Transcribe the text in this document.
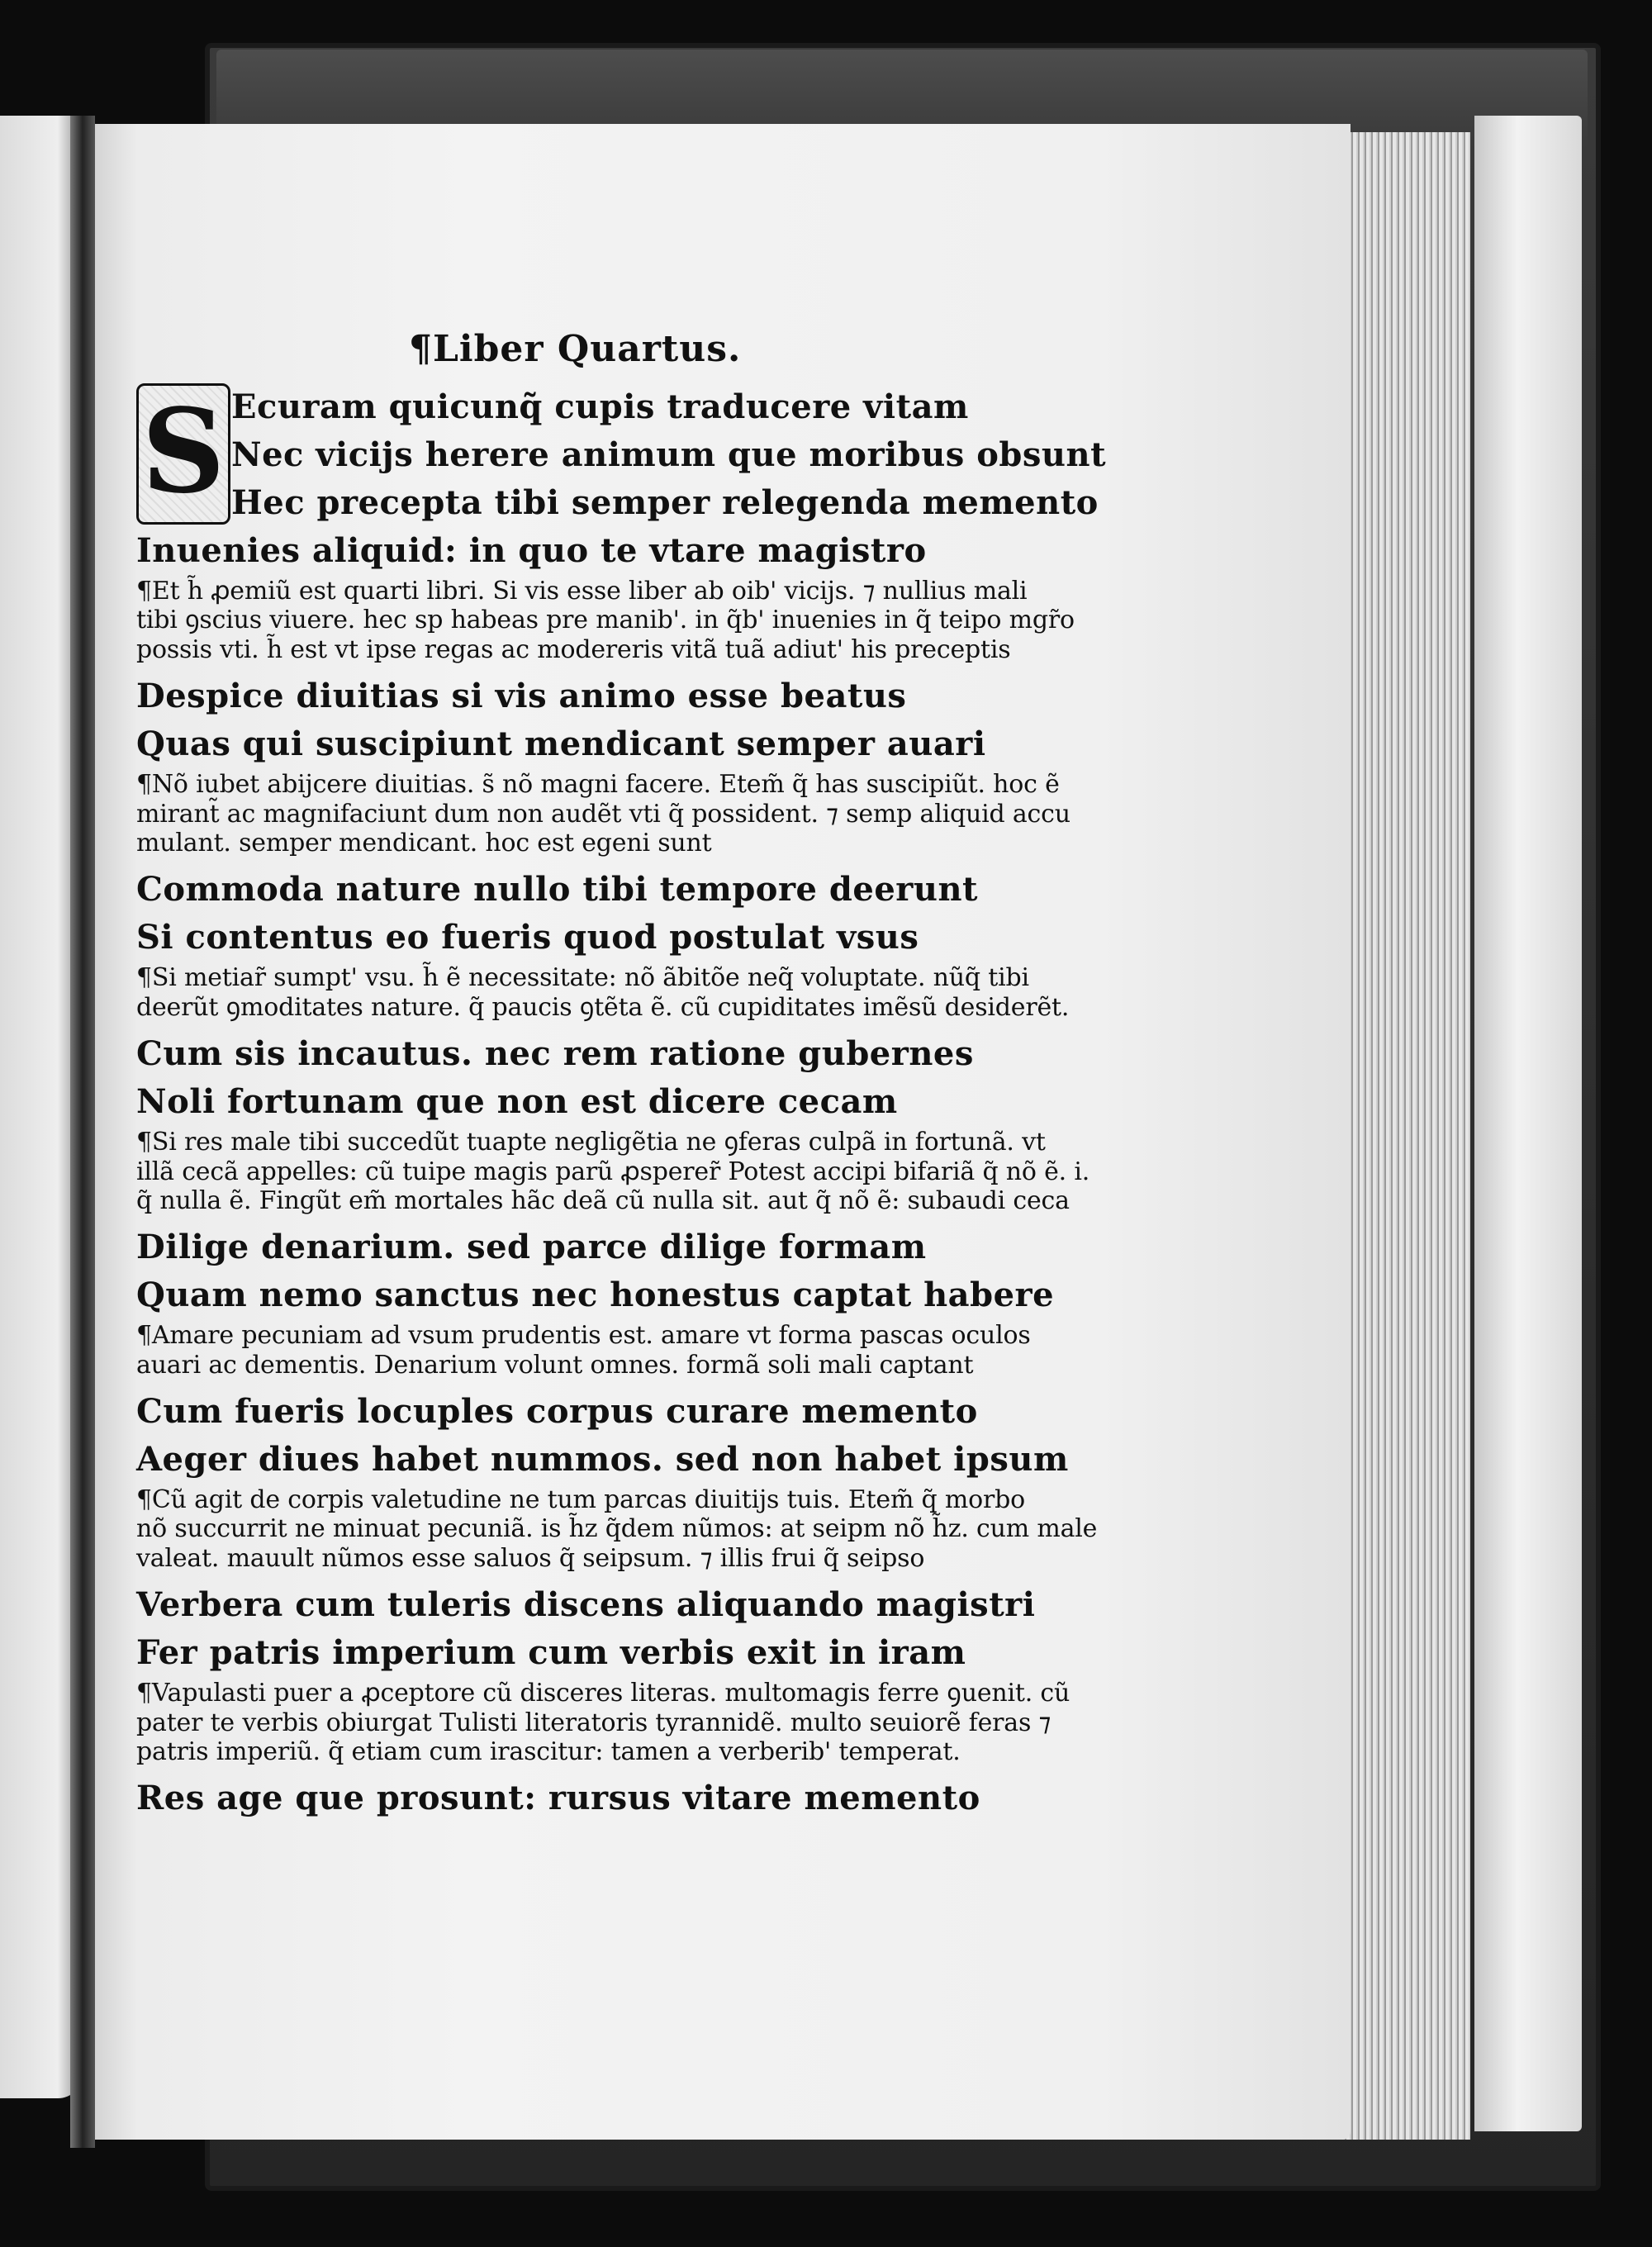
¶Liber Quartus.
S Ecuram quicunq̃ cupis traducere vitam

Nec vicijs herere animum que moribus obsunt

Hec precepta tibi semper relegenda memento

Inuenies aliquid: in quo te vtare magistro

¶Et h̃ ꝓemiũ est quarti libri. Si vis esse liber ab oib' vicijs. ⁊ nullius mali
tibi ꝯscius viuere. hec sp habeas pre manib'. in q̃b' inuenies in q̃ teipo mgr̃o
possis vti. h̃ est vt ipse regas ac modereris vitã tuã adiut' his preceptis

Despice diuitias si vis animo esse beatus

Quas qui suscipiunt mendicant semper auari

¶Nõ iubet abijcere diuitias. s̃ nõ magni facere. Etem̃ q̃ has suscipiũt. hoc ẽ
mirant̃ ac magnifaciunt dum non audẽt vti q̃ possident. ⁊ semp aliquid accu
mulant. semper mendicant. hoc est egeni sunt

Commoda nature nullo tibi tempore deerunt

Si contentus eo fueris quod postulat vsus

¶Si metiar̃ sumpt' vsu. h̃ ẽ necessitate: nõ ãbitõe neq̃ voluptate. nũq̃ tibi
deerũt ꝯmoditates nature. q̃ paucis ꝯtẽta ẽ. cũ cupiditates imẽsũ desiderẽt.

Cum sis incautus. nec rem ratione gubernes

Noli fortunam que non est dicere cecam

¶Si res male tibi succedũt tuapte negligẽtia ne ꝯferas culpã in fortunã. vt
illã cecã appelles: cũ tuipe magis parũ ꝓsperer̃ Potest accipi bifariã q̃ nõ ẽ. i.
q̃ nulla ẽ. Fingũt em̃ mortales hãc deã cũ nulla sit. aut q̃ nõ ẽ: subaudi ceca

Dilige denarium. sed parce dilige formam

Quam nemo sanctus nec honestus captat habere

¶Amare pecuniam ad vsum prudentis est. amare vt forma pascas oculos
auari ac dementis. Denarium volunt omnes. formã soli mali captant

Cum fueris locuples corpus curare memento

Aeger diues habet nummos. sed non habet ipsum

¶Cũ agit de corpis valetudine ne tum parcas diuitijs tuis. Etem̃ q̃ morbo
nõ succurrit ne minuat pecuniã. is h̃z q̃dem nũmos: at seipm nõ h̃z. cum male
valeat. mauult nũmos esse saluos q̃ seipsum. ⁊ illis frui q̃ seipso

Verbera cum tuleris discens aliquando magistri

Fer patris imperium cum verbis exit in iram

¶Vapulasti puer a ꝓceptore cũ disceres literas. multomagis ferre ꝯuenit. cũ
pater te verbis obiurgat Tulisti literatoris tyrannidẽ. multo seuiorẽ feras ⁊
patris imperiũ. q̃ etiam cum irascitur: tamen a verberib' temperat.

Res age que prosunt: rursus vitare memento
